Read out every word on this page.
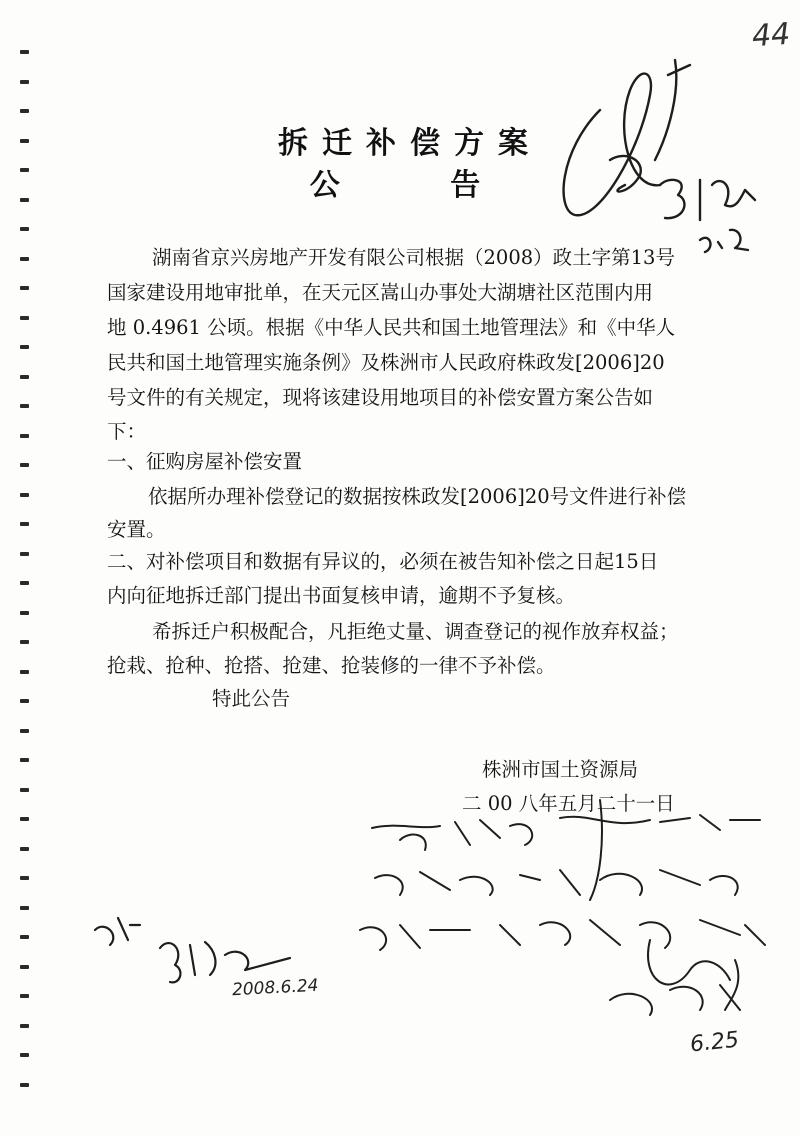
44
拆迁补偿方案
公 告
湖南省京兴房地产开发有限公司根据（2008）政土字第13号
国家建设用地审批单，在天元区嵩山办事处大湖塘社区范围内用
地 0.4961 公顷。根据《中华人民共和国土地管理法》和《中华人
民共和国土地管理实施条例》及株洲市人民政府株政发[2006]20
号文件的有关规定，现将该建设用地项目的补偿安置方案公告如
下：
一、征购房屋补偿安置
依据所办理补偿登记的数据按株政发[2006]20号文件进行补偿
安置。
二、对补偿项目和数据有异议的，必须在被告知补偿之日起15日
内向征地拆迁部门提出书面复核申请，逾期不予复核。
希拆迁户积极配合，凡拒绝丈量、调查登记的视作放弃权益；
抢栽、抢种、抢搭、抢建、抢装修的一律不予补偿。
特此公告
株洲市国土资源局
二 00 八年五月二十一日
2008.6.24
6.25
